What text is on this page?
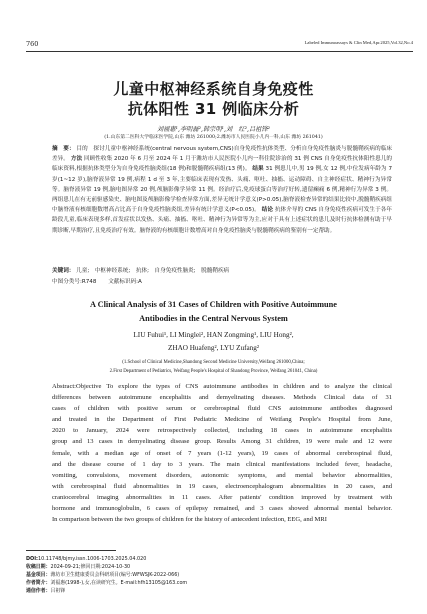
760	Labeled Immunoassays & Clin Med,Apr.2025,Vol.32,No.4
儿童中枢神经系统自身免疫性
抗体阳性 31 例临床分析
刘福惠¹,李明磊²,韩宗明¹,刘　红²,吕祖锋²
(1.山东第二医科大学临床医学院,山东 潍坊 261000;2.潍坊市人民医院小儿内一科,山东 潍坊 261041)
摘　要： 目的　探讨儿童中枢神经系统(central nervous system,CNS)自身免疫性抗体类型、分析自身免疫性脑炎与脱髓鞘疾病的临床差异。 方法 回顾性收集 2020 年 6 月至 2024 年 1 月于潍坊市人民医院小儿内一科住院诊治的 31 例 CNS 自身免疫性抗体阳性患儿的临床资料,根据抗体类型分为自身免疫性脑炎组(18 例)和脱髓鞘疾病组(13 例)。 结果 31 例患儿中,男 19 例,女 12 例,中位发病年龄为 7 岁(1~12 岁),脑脊液异常 19 例,病程 1 d 至 3 年,主要临床表现有发热、头痛、呕吐、抽搐、运动障碍、自主神经症状、精神行为异常等。脑脊液异常 19 例,脑电图异常 20 例,颅脑影像学异常 11 例。经治疗后,免疫球蛋白等治疗好转,遗留癫痫 6 例,精神行为异常 3 例。两组患儿在有无前驱感染史、脑电图及颅脑影像学检查异常方面,差异无统计学意义(P>0.05),脑脊液检查异常的结果比较中,脱髓鞘疾病组中脑脊液有核细胞数增高占比高于自身免疫性脑炎组,差异有统计学意义(P<0.05)。 结论 抗体介导的 CNS 自身免疫性疾病可发生于各年龄段儿童,临床表现多样,首发症状以发热、头痛、抽搐、呕吐、精神行为异常等为主,应对于具有上述症状的患儿及时行抗体检测有助于早期诊断,早期治疗,且免疫治疗有效。脑脊液的有核细胞计数增高对自身免疫性脑炎与脱髓鞘疾病的鉴别有一定帮助。
关键词： 儿童;　中枢神经系统;　抗体;　自身免疫性脑炎;　脱髓鞘疾病
中图分类号:R748 文献标识码:A
A Clinical Analysis of 31 Cases of Children with Positive Autoimmune
Antibodies in the Central Nervous System
LIU Fuhui¹, LI Minglei², HAN Zongming¹, LIU Hong²,
ZHAO Huafeng², LYU Zufang²
(1.School of Clinical Medicine,Shandong Second Medicine University,Weifang 261000,China;
2.First Department of Pediatrics, Weifang People's Hospital of Shandong Province, Weifang 261041, China)
Abstract:Objective To explore the types of CNS autoimmune antibodies in children and to analyze the clinical
differences between autoimmune encephalitis and demyelinating diseases. Methods Clinical data of 31
cases of children with positive serum or cerebrospinal fluid CNS autoimmune antibodies diagnosed
and treated in the Department of First Pediatric Medicine of Weifang People's Hospital from June,
2020 to January, 2024 were retrospectively collected, including 18 cases in autoimmune encephalitis
group and 13 cases in demyelinating disease group. Results Among 31 children, 19 were male and 12 were
female, with a median age of onset of 7 years (1-12 years), 19 cases of abnormal cerebrospinal fluid,
and the disease course of 1 day to 3 years. The main clinical manifestations included fever, headache,
vomiting, convulsions, movement disorders, autonomic symptoms, and mental behavior abnormalities,
with cerebrospinal fluid abnormalities in 19 cases, electroencephalogram abnormalities in 20 cases, and
craniocerebral imaging abnormalities in 11 cases. After patients' condition improved by treatment with
hormone and immunoglobulin, 6 cases of epilepsy remained, and 3 cases showed abnormal mental behavior.
In comparison between the two groups of children for the history of antecedent infection, EEG, and MRI
DOI:10.11748/bjmy.issn.1006-1703.2025.04.020
收稿日期：2024-09-21;修回日期:2024-10-30
基金项目：潍坊市卫生健康委员会科研项目(编号:WFWSJK-2022-066)
作者简介：刘福惠(1998-),女,在读研究生。E-mail:hfh13105@163.com
通信作者：吕祖锋
